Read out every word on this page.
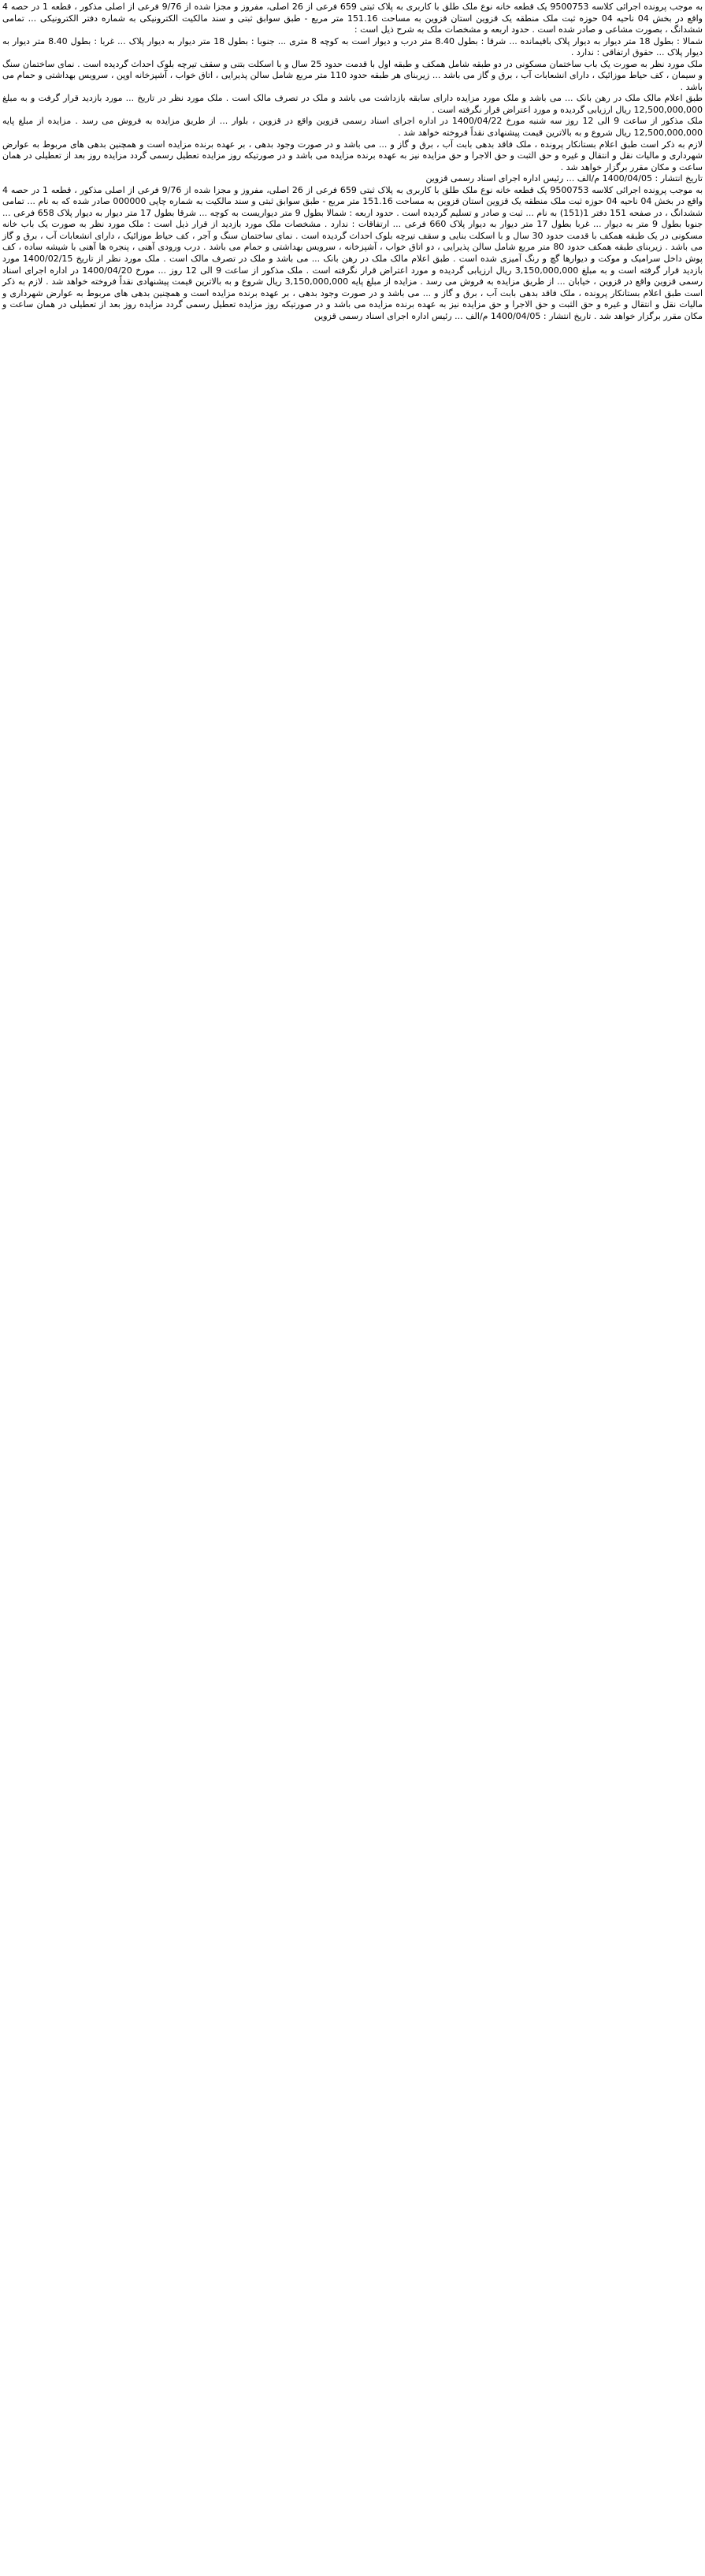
به موجب پرونده اجرائی کلاسه 9500753 یک قطعه خانه نوع ملک طلق با کاربری به پلاک ثبتی 659 فرعی از 26 اصلی، مفروز و مجزا شده از 9/76 فرعی از اصلی مذکور ، قطعه 1 در حصه 4 واقع در بخش 04 ناحیه 04 حوزه ثبت ملک منطقه یک قزوین استان قزوین به مساحت 151.16 متر مربع - طبق سوابق ثبتی و سند مالکیت الکترونیکی به شماره دفتر الکترونیکی ... تمامی ششدانگ ، بصورت مشاعی و صادر شده است . حدود اربعه و مشخصات ملک به شرح ذیل است :

شمالا : بطول 18 متر دیوار به دیوار پلاک باقیمانده ... شرقا : بطول 8.40 متر درب و دیوار است به کوچه 8 متری ... جنوبا : بطول 18 متر دیوار به دیوار پلاک ... غربا : بطول 8.40 متر دیوار به دیوار پلاک ... حقوق ارتفاقی : ندارد .

ملک مورد نظر به صورت یک باب ساختمان مسکونی در دو طبقه شامل همکف و طبقه اول با قدمت حدود 25 سال و با اسکلت بتنی و سقف تیرچه بلوک احداث گردیده است . نمای ساختمان سنگ و سیمان ، کف حیاط موزائیک ، دارای انشعابات آب ، برق و گاز می باشد ... زیربنای هر طبقه حدود 110 متر مربع شامل سالن پذیرایی ، اتاق خواب ، آشپزخانه اوپن ، سرویس بهداشتی و حمام می باشد .

طبق اعلام مالک ملک در رهن بانک ... می باشد و ملک مورد مزایده دارای سابقه بازداشت می باشد و ملک در تصرف مالک است . ملک مورد نظر در تاریخ ... مورد بازدید قرار گرفت و به مبلغ 12,500,000,000 ریال ارزیابی گردیده و مورد اعتراض قرار نگرفته است .

ملک مذکور از ساعت 9 الی 12 روز سه شنبه مورخ 1400/04/22 در اداره اجرای اسناد رسمی قزوین واقع در قزوین ، بلوار ... از طریق مزایده به فروش می رسد . مزایده از مبلغ پایه 12,500,000,000 ریال شروع و به بالاترین قیمت پیشنهادی نقداً فروخته خواهد شد .

لازم به ذکر است طبق اعلام بستانکار پرونده ، ملک فاقد بدهی بابت آب ، برق و گاز و ... می باشد و در صورت وجود بدهی ، بر عهده برنده مزایده است و همچنین بدهی های مربوط به عوارض شهرداری و مالیات نقل و انتقال و غیره و حق الثبت و حق الاجرا و حق مزایده نیز به عهده برنده مزایده می باشد و در صورتیکه روز مزایده تعطیل رسمی گردد مزایده روز بعد از تعطیلی در همان ساعت و مکان مقرر برگزار خواهد شد .

تاریخ انتشار : 1400/04/05 م/الف ... رئیس اداره اجرای اسناد رسمی قزوین

به موجب پرونده اجرائی کلاسه 9500753 یک قطعه خانه نوع ملک طلق با کاربری به پلاک ثبتی 659 فرعی از 26 اصلی، مفروز و مجزا شده از 9/76 فرعی از اصلی مذکور ، قطعه 1 در حصه 4 واقع در بخش 04 ناحیه 04 حوزه ثبت ملک منطقه یک قزوین استان قزوین به مساحت 151.16 متر مربع - طبق سوابق ثبتی و سند مالکیت به شماره چاپی 000000 صادر شده که به نام ... تمامی ششدانگ ، در صفحه 151 دفتر 1(151) به نام ... ثبت و صادر و تسلیم گردیده است . حدود اربعه : شمالا بطول 9 متر دیواریست به کوچه ... شرقا بطول 17 متر دیوار به دیوار پلاک 658 فرعی ... جنوبا بطول 9 متر به دیوار ... غربا بطول 17 متر دیوار به دیوار پلاک 660 فرعی ... ارتفاقات : ندارد . مشخصات ملک مورد بازدید از قرار ذیل است : ملک مورد نظر به صورت یک باب خانه مسکونی در یک طبقه همکف با قدمت حدود 30 سال و با اسکلت بنایی و سقف تیرچه بلوک احداث گردیده است . نمای ساختمان سنگ و آجر ، کف حیاط موزائیک ، دارای انشعابات آب ، برق و گاز می باشد . زیربنای طبقه همکف حدود 80 متر مربع شامل سالن پذیرایی ، دو اتاق خواب ، آشپزخانه ، سرویس بهداشتی و حمام می باشد . درب ورودی آهنی ، پنجره ها آهنی با شیشه ساده ، کف پوش داخل سرامیک و موکت و دیوارها گچ و رنگ آمیزی شده است . طبق اعلام مالک ملک در رهن بانک ... می باشد و ملک در تصرف مالک است . ملک مورد نظر از تاریخ 1400/02/15 مورد بازدید قرار گرفته است و به مبلغ 3,150,000,000 ریال ارزیابی گردیده و مورد اعتراض قرار نگرفته است . ملک مذکور از ساعت 9 الی 12 روز ... مورخ 1400/04/20 در اداره اجرای اسناد رسمی قزوین واقع در قزوین ، خیابان ... از طریق مزایده به فروش می رسد . مزایده از مبلغ پایه 3,150,000,000 ریال شروع و به بالاترین قیمت پیشنهادی نقداً فروخته خواهد شد . لازم به ذکر است طبق اعلام بستانکار پرونده ، ملک فاقد بدهی بابت آب ، برق و گاز و ... می باشد و در صورت وجود بدهی ، بر عهده برنده مزایده است و همچنین بدهی های مربوط به عوارض شهرداری و مالیات نقل و انتقال و غیره و حق الثبت و حق الاجرا و حق مزایده نیز به عهده برنده مزایده می باشد و در صورتیکه روز مزایده تعطیل رسمی گردد مزایده روز بعد از تعطیلی در همان ساعت و مکان مقرر برگزار خواهد شد . تاریخ انتشار : 1400/04/05 م/الف ... رئیس اداره اجرای اسناد رسمی قزوین
